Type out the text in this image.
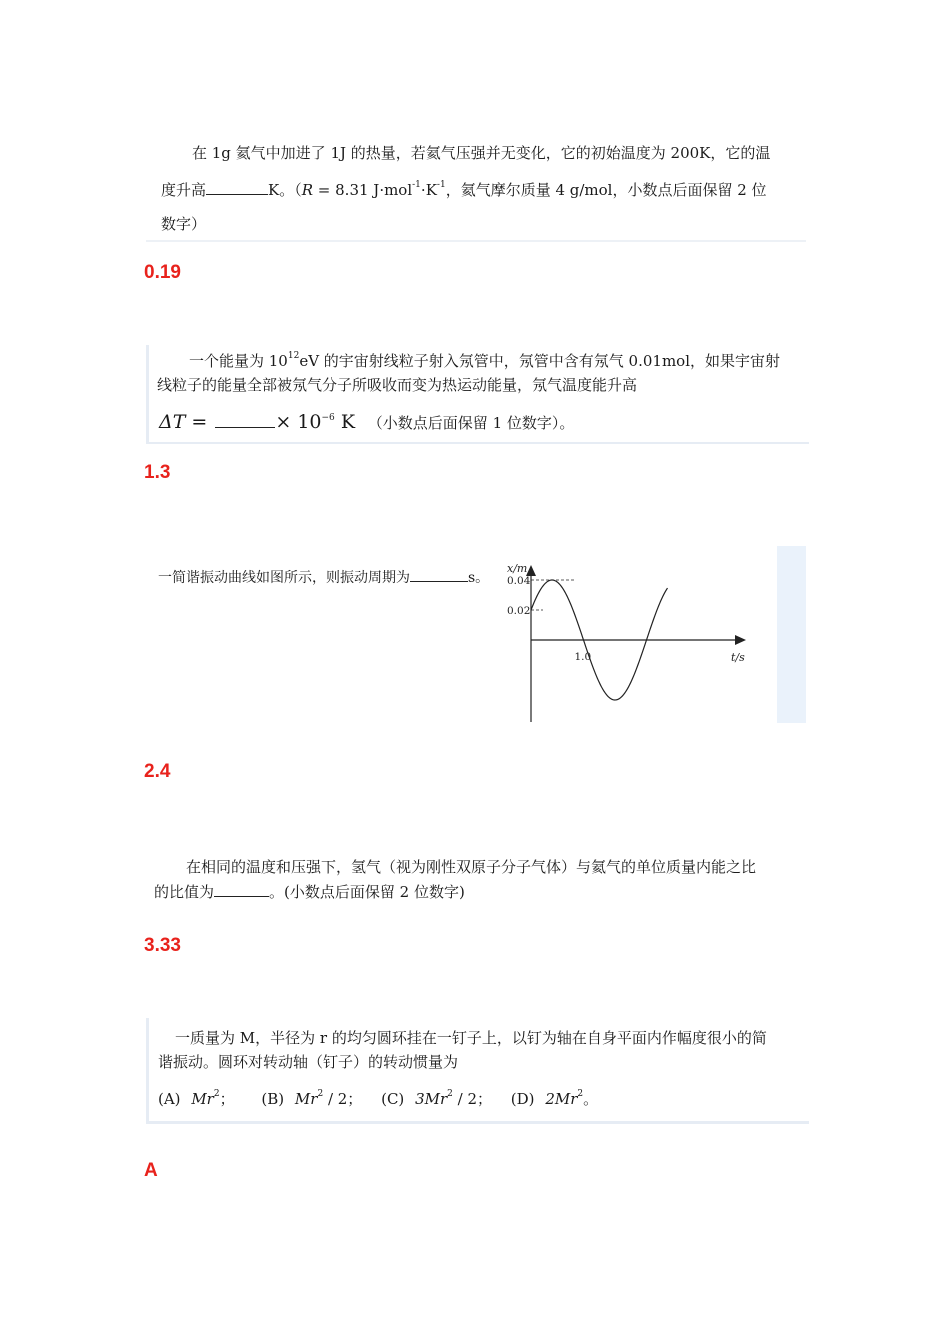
在 1g 氦气中加进了 1J 的热量，若氦气压强并无变化，它的初始温度为 200K，它的温
度升高	K。（R = 8.31 $J\cdot mol^{-1}\cdot K^{-1}$，氦气摩尔质量 4 g/mol，小数点后面保留 2 位
数字）
0.19
一个能量为 $10^{12}eV$ 的宇宙射线粒子射入氖管中，氖管中含有氖气 0.01mol，如果宇宙射
线粒子的能量全部被氖气分子所吸收而变为热运动能量，氖气温度能升高
ΔT =	× $10^{-6}$ K （小数点后面保留 1 位数字）。
1.3
一简谐振动曲线如图所示，则振动周期为	s。
x/m
t/s
0.04
0.02
1.0
2.4
在相同的温度和压强下，氢气（视为刚性双原子分子气体）与氦气的单位质量内能之比
的比值为	。(小数点后面保留 2 位数字)
3.33
一质量为 M，半径为 r 的均匀圆环挂在一钉子上，以钉为轴在自身平面内作幅度很小的简
谐振动。圆环对转动轴（钉子）的转动惯量为
(A) Mr$^2$； (B) Mr$^2$ / 2； (C) 3Mr$^2$ / 2； (D) 2Mr$^2$。
A
